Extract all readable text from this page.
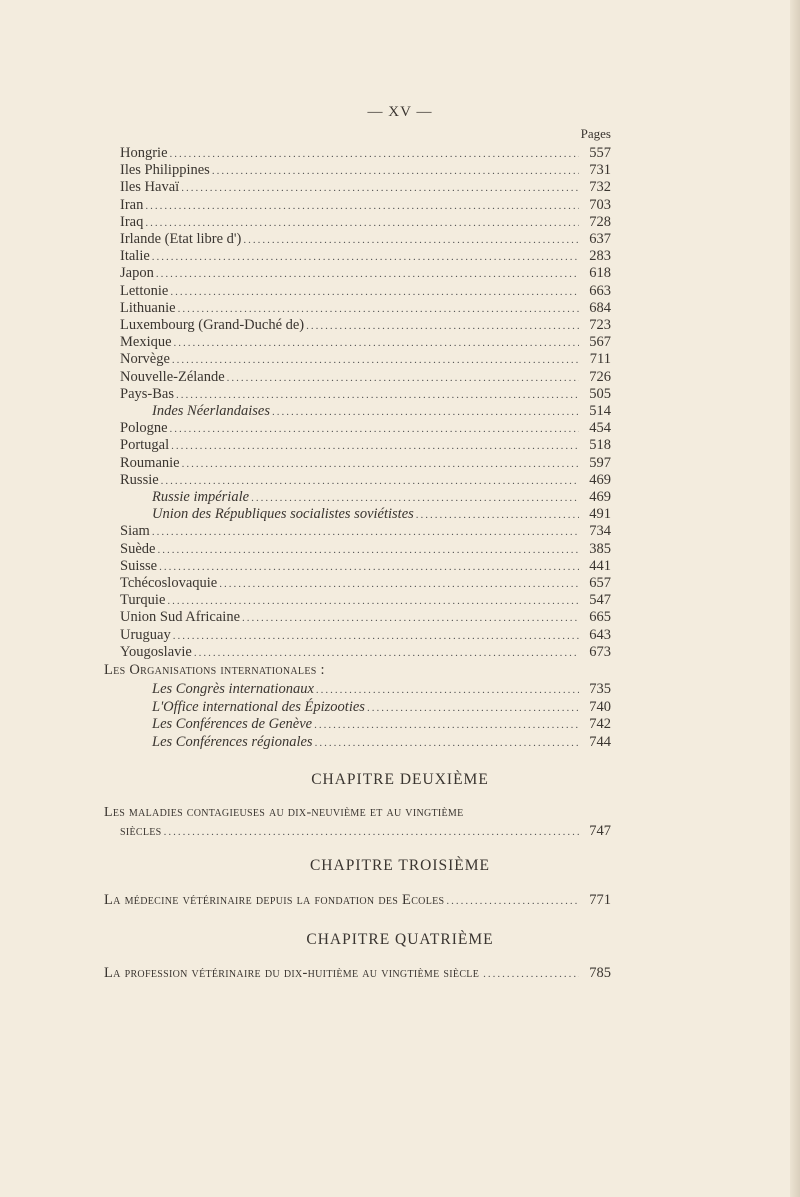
— XV —
Pages
Les Organisations internationales :
CHAPITRE DEUXIÈME
Les maladies contagieuses au dix-neuvième et au vingtième
siècles .....	747
CHAPITRE TROISIÈME
La médecine vétérinaire depuis la fondation des Ecoles .....	771
CHAPITRE QUATRIÈME
La profession vétérinaire du dix-huitième au vingtième siècle .....	785
Hongrie .....	557
Iles Philippines .....	731
Iles Havaï .....	732
Iran .....	703
Iraq .....	728
Irlande (Etat libre d') .....	637
Italie .....	283
Japon .....	618
Lettonie .....	663
Lithuanie .....	684
Luxembourg (Grand-Duché de) .....	723
Mexique .....	567
Norvège .....	711
Nouvelle-Zélande .....	726
Pays-Bas .....	505
Indes Néerlandaises .....	514
Pologne .....	454
Portugal .....	518
Roumanie .....	597
Russie .....	469
Russie impériale .....	469
Union des Républiques socialistes soviétistes .....	491
Siam .....	734
Suède .....	385
Suisse .....	441
Tchécoslovaquie .....	657
Turquie .....	547
Union Sud Africaine .....	665
Uruguay .....	643
Yougoslavie .....	673
Les Congrès internationaux .....	735
L'Office international des Épizooties .....	740
Les Conférences de Genève .....	742
Les Conférences régionales .....	744
